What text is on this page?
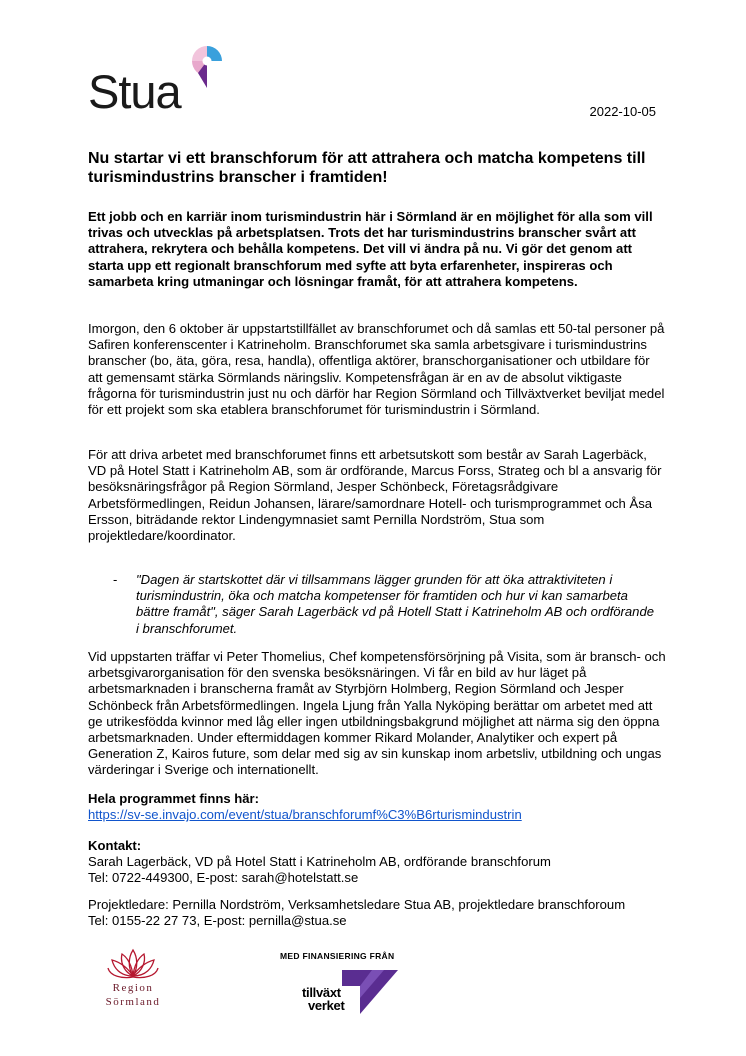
Stua	2022-10-05
Nu startar vi ett branschforum för att attrahera och matcha kompetens till turismindustrins branscher i framtiden!

Ett jobb och en karriär inom turismindustrin här i Sörmland är en möjlighet för alla som vill trivas och utvecklas på arbetsplatsen. Trots det har turismindustrins branscher svårt att attrahera, rekrytera och behålla kompetens. Det vill vi ändra på nu. Vi gör det genom att starta upp ett regionalt branschforum med syfte att byta erfarenheter, inspireras och samarbeta kring utmaningar och lösningar framåt, för att attrahera kompetens.

Imorgon, den 6 oktober är uppstartstillfället av branschforumet och då samlas ett 50-tal personer på Safiren konferenscenter i Katrineholm. Branschforumet ska samla arbetsgivare i turismindustrins branscher (bo, äta, göra, resa, handla), offentliga aktörer, branschorganisationer och utbildare för att gemensamt stärka Sörmlands näringsliv. Kompetensfrågan är en av de absolut viktigaste frågorna för turismindustrin just nu och därför har Region Sörmland och Tillväxtverket beviljat medel för ett projekt som ska etablera branschforumet för turismindustrin i Sörmland.

För att driva arbetet med branschforumet finns ett arbetsutskott som består av Sarah Lagerbäck, VD på Hotel Statt i Katrineholm AB, som är ordförande, Marcus Forss, Strateg och bl a ansvarig för besöksnäringsfrågor på Region Sörmland, Jesper Schönbeck, Företagsrådgivare Arbetsförmedlingen, Reidun Johansen, lärare/samordnare Hotell- och turismprogrammet och Åsa Ersson, biträdande rektor Lindengymnasiet samt Pernilla Nordström, Stua som projektledare/koordinator.

- "Dagen är startskottet där vi tillsammans lägger grunden för att öka attraktiviteten i turismindustrin, öka och matcha kompetenser för framtiden och hur vi kan samarbeta bättre framåt", säger Sarah Lagerbäck vd på Hotell Statt i Katrineholm AB och ordförande i branschforumet.

Vid uppstarten träffar vi Peter Thomelius, Chef kompetensförsörjning på Visita, som är bransch- och arbetsgivarorganisation för den svenska besöksnäringen. Vi får en bild av hur läget på arbetsmarknaden i branscherna framåt av Styrbjörn Holmberg, Region Sörmland och Jesper Schönbeck från Arbetsförmedlingen. Ingela Ljung från Yalla Nyköping berättar om arbetet med att ge utrikesfödda kvinnor med låg eller ingen utbildningsbakgrund möjlighet att närma sig den öppna arbetsmarknaden. Under eftermiddagen kommer Rikard Molander, Analytiker och expert på Generation Z, Kairos future, som delar med sig av sin kunskap inom arbetsliv, utbildning och ungas värderingar i Sverige och internationellt.

Hela programmet finns här:
https://sv-se.invajo.com/event/stua/branschforumf%C3%B6rturismindustrin
Kontakt:
Sarah Lagerbäck, VD på Hotel Statt i Katrineholm AB, ordförande branschforum
Tel: 0722-449300, E-post: sarah@hotelstatt.se
Projektledare: Pernilla Nordström, Verksamhetsledare Stua AB, projektledare branschforoum
Tel: 0155-22 27 73, E-post: pernilla@stua.se
Region
Sörmland
MED FINANSIERING FRÅN
tillväxt
verket
